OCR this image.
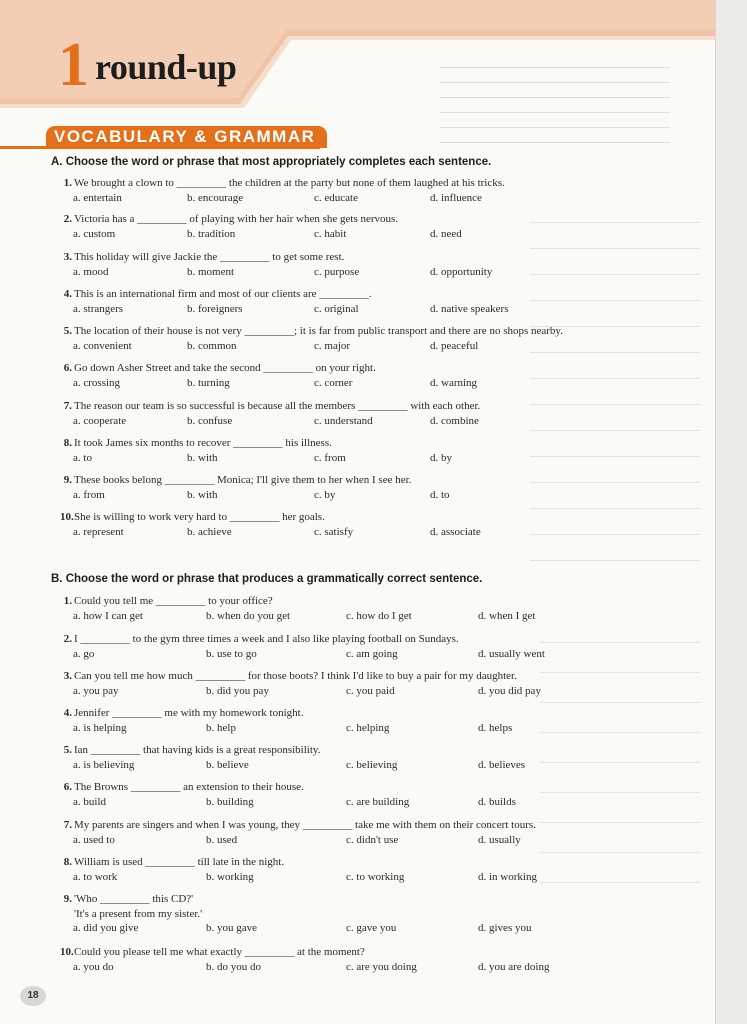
1 round-up
VOCABULARY & GRAMMAR
A. Choose the word or phrase that most appropriately completes each sentence.
1. We brought a clown to _________ the children at the party but none of them laughed at his tricks.
a. entertain	b. encourage	c. educate	d. influence
2. Victoria has a _________ of playing with her hair when she gets nervous.
a. custom	b. tradition	c. habit	d. need
3. This holiday will give Jackie the _________ to get some rest.
a. mood	b. moment	c. purpose	d. opportunity
4. This is an international firm and most of our clients are _________.
a. strangers	b. foreigners	c. original	d. native speakers
5. The location of their house is not very _________; it is far from public transport and there are no shops nearby.
a. convenient	b. common	c. major	d. peaceful
6. Go down Asher Street and take the second _________ on your right.
a. crossing	b. turning	c. corner	d. warning
7. The reason our team is so successful is because all the members _________ with each other.
a. cooperate	b. confuse	c. understand	d. combine
8. It took James six months to recover _________ his illness.
a. to	b. with	c. from	d. by
9. These books belong _________ Monica; I'll give them to her when I see her.
a. from	b. with	c. by	d. to
10. She is willing to work very hard to _________ her goals.
a. represent	b. achieve	c. satisfy	d. associate
B. Choose the word or phrase that produces a grammatically correct sentence.
1. Could you tell me _________ to your office?
a. how I can get	b. when do you get	c. how do I get	d. when I get
2. I _________ to the gym three times a week and I also like playing football on Sundays.
a. go	b. use to go	c. am going	d. usually went
3. Can you tell me how much _________ for those boots? I think I'd like to buy a pair for my daughter.
a. you pay	b. did you pay	c. you paid	d. you did pay
4. Jennifer _________ me with my homework tonight.
a. is helping	b. help	c. helping	d. helps
5. Ian _________ that having kids is a great responsibility.
a. is believing	b. believe	c. believing	d. believes
6. The Browns _________ an extension to their house.
a. build	b. building	c. are building	d. builds
7. My parents are singers and when I was young, they _________ take me with them on their concert tours.
a. used to	b. used	c. didn't use	d. usually
8. William is used _________ till late in the night.
a. to work	b. working	c. to working	d. in working
9. 'Who _________ this CD?'
'It's a present from my sister.'
a. did you give	b. you gave	c. gave you	d. gives you
10. Could you please tell me what exactly _________ at the moment?
a. you do	b. do you do	c. are you doing	d. you are doing
18
